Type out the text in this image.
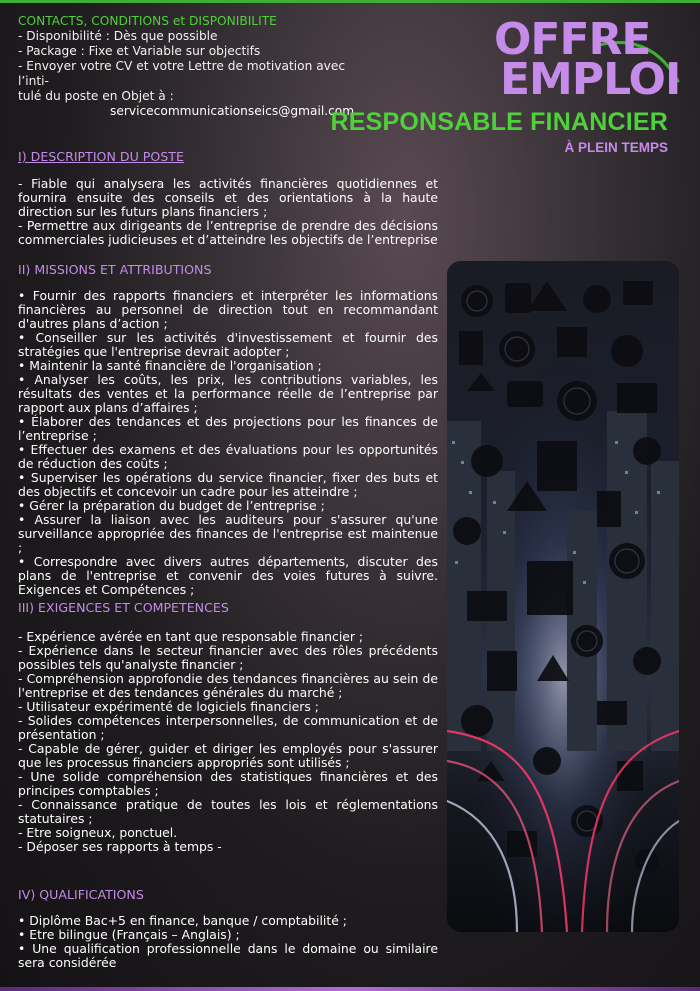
CONTACTS, CONDITIONS et DISPONIBILITE
- Disponibilité : Dès que possible
- Package : Fixe et Variable sur objectifs
- Envoyer votre CV et votre Lettre de motivation avec l’inti-
tulé du poste en Objet à :
servicecommunicationseics@gmail.com
OFFRE
EMPLOI
RESPONSABLE FINANCIER
À PLEIN TEMPS
I) DESCRIPTION DU POSTE
- Fiable qui analysera les activités financières quotidiennes et fournira ensuite des conseils et des orientations à la haute direction sur les futurs plans financiers ;
- Permettre aux dirigeants de l’entreprise de prendre des décisions commerciales judicieuses et d’atteindre les objectifs de l’entreprise
II) MISSIONS ET ATTRIBUTIONS
• Fournir des rapports financiers et interpréter les informations financières au personnel de direction tout en recommandant d'autres plans d’action ;
• Conseiller sur les activités d'investissement et fournir des stratégies que l'entreprise devrait adopter ;
• Maintenir la santé financière de l'organisation ;
• Analyser les coûts, les prix, les contributions variables, les résultats des ventes et la performance réelle de l’entreprise par rapport aux plans d’affaires ;
• Élaborer des tendances et des projections pour les finances de l’entreprise ;
• Effectuer des examens et des évaluations pour les opportunités de réduction des coûts ;
• Superviser les opérations du service financier, fixer des buts et des objectifs et concevoir un cadre pour les atteindre ;
• Gérer la préparation du budget de l’entreprise ;
• Assurer la liaison avec les auditeurs pour s'assurer qu'une surveillance appropriée des finances de l'entreprise est maintenue ;
• Correspondre avec divers autres départements, discuter des plans de l'entreprise et convenir des voies futures à suivre. Exigences et Compétences ;
III) EXIGENCES ET COMPETENCES
- Expérience avérée en tant que responsable financier ;
- Expérience dans le secteur financier avec des rôles précédents possibles tels qu'analyste financier ;
- Compréhension approfondie des tendances financières au sein de l'entreprise et des tendances générales du marché ;
- Utilisateur expérimenté de logiciels financiers ;
- Solides compétences interpersonnelles, de communication et de présentation ;
- Capable de gérer, guider et diriger les employés pour s'assurer que les processus financiers appropriés sont utilisés ;
- Une solide compréhension des statistiques financières et des principes comptables ;
- Connaissance pratique de toutes les lois et réglementations statutaires ;
- Etre soigneux, ponctuel.
- Déposer ses rapports à temps -
IV) QUALIFICATIONS
• Diplôme Bac+5 en finance, banque / comptabilité ;
• Etre bilingue (Français – Anglais) ;
• Une qualification professionnelle dans le domaine ou similaire sera considérée
